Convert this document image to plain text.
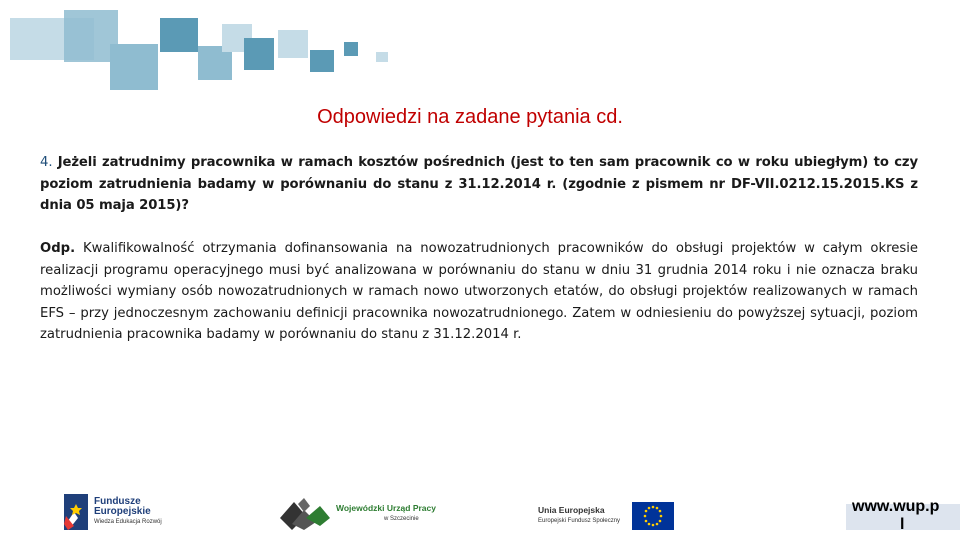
Odpowiedzi na zadane pytania cd.
4. Jeżeli zatrudnimy pracownika w ramach kosztów pośrednich (jest to ten sam pracownik co w roku ubiegłym) to czy poziom zatrudnienia badamy w porównaniu do stanu z 31.12.2014 r. (zgodnie z pismem nr DF-VII.0212.15.2015.KS z dnia 05 maja 2015)?
Odp. Kwalifikowalność otrzymania dofinansowania na nowozatrudnionych pracowników do obsługi projektów w całym okresie realizacji programu operacyjnego musi być analizowana w porównaniu do stanu w dniu 31 grudnia 2014 roku i nie oznacza braku możliwości wymiany osób nowozatrudnionych w ramach nowo utworzonych etatów, do obsługi projektów realizowanych w ramach EFS – przy jednoczesnym zachowaniu definicji pracownika nowozatrudnionego. Zatem w odniesieniu do powyższej sytuacji, poziom zatrudnienia pracownika badamy w porównaniu do stanu z 31.12.2014 r.
Fundusze
Europejskie
Wiedza Edukacja Rozwój
Wojewódzki Urząd Pracy
w Szczecinie
Unia Europejska
Europejski Fundusz Społeczny
www.wup.p
l
